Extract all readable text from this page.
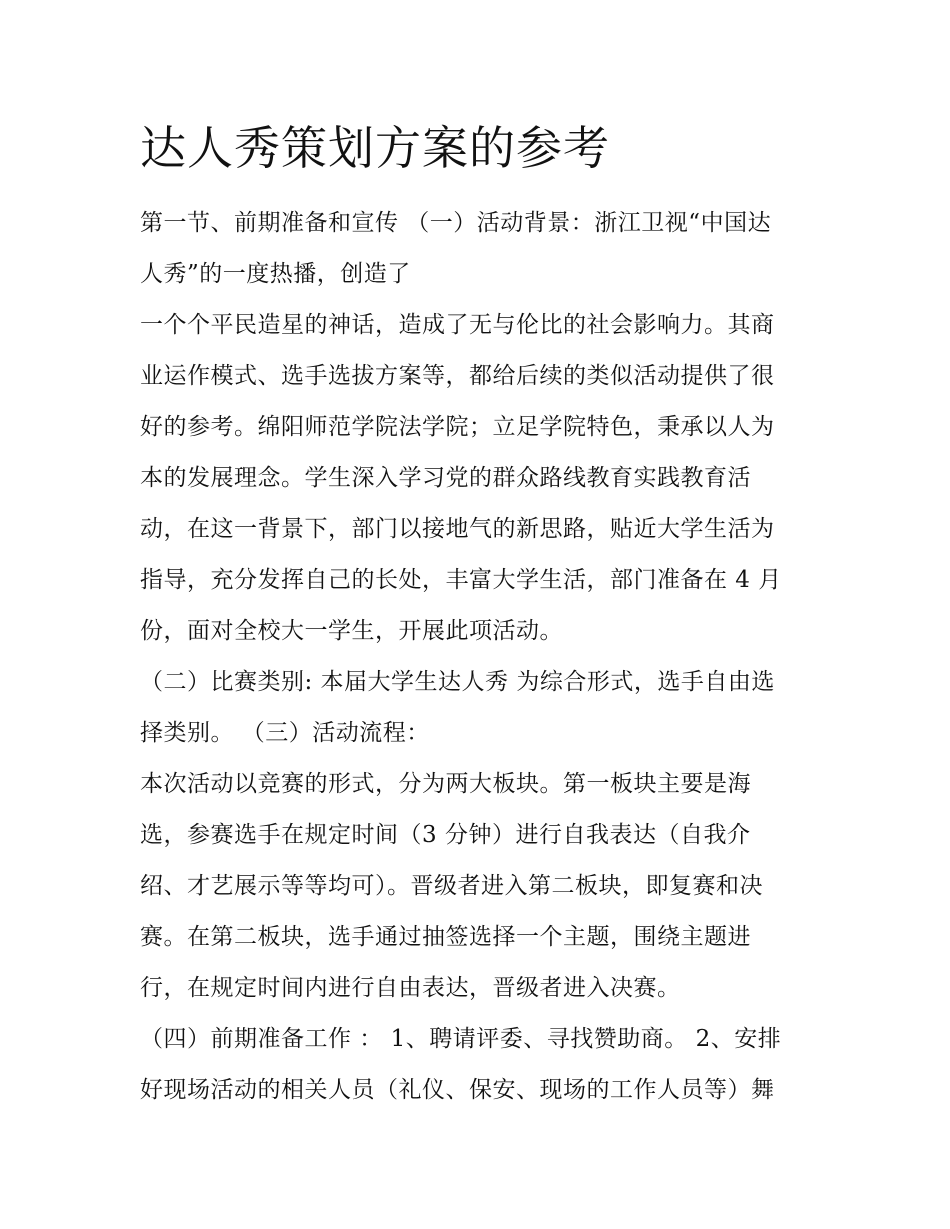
达人秀策划方案的参考

第一节、前期准备和宣传 （一）活动背景：浙江卫视“中国达
人秀”的一度热播，创造了

一个个平民造星的神话，造成了无与伦比的社会影响力。其商
业运作模式、选手选拔方案等，都给后续的类似活动提供了很
好的参考。绵阳师范学院法学院；立足学院特色，秉承以人为
本的发展理念。学生深入学习党的群众路线教育实践教育活
动，在这一背景下，部门以接地气的新思路，贴近大学生活为
指导，充分发挥自己的长处，丰富大学生活，部门准备在 4 月
份，面对全校大一学生，开展此项活动。

（二）比赛类别: 本届大学生达人秀 为综合形式，选手自由选
择类别。 （三）活动流程：

本次活动以竞赛的形式，分为两大板块。第一板块主要是海
选，参赛选手在规定时间（3 分钟）进行自我表达（自我介
绍、才艺展示等等均可）。晋级者进入第二板块，即复赛和决
赛。在第二板块，选手通过抽签选择一个主题，围绕主题进
行，在规定时间内进行自由表达，晋级者进入决赛。

（四）前期准备工作 ： 1、聘请评委、寻找赞助商。 2、安排
好现场活动的相关人员（礼仪、保安、现场的工作人员等）舞
